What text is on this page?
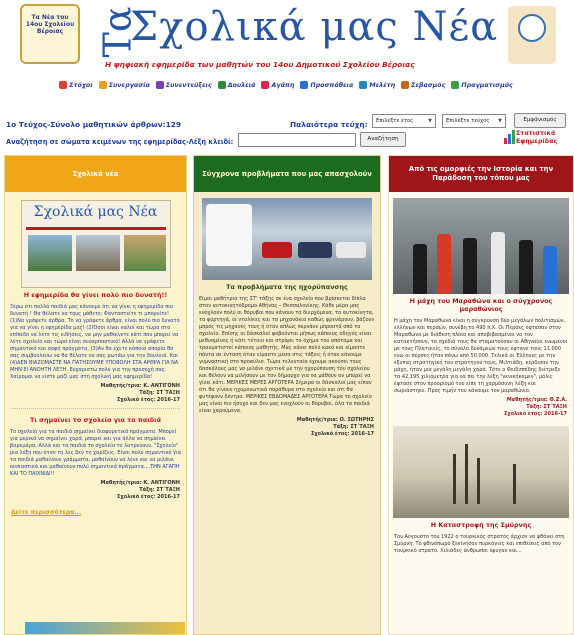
Τα Νέα του
14ου Σχολείου
Βέροιας Τα
Σχολικά μας Νέα
Η ψηφιακή εφημερίδα των μαθητών του 14ου Δημοτικού Σχολείου Βέροιας
Στόχοι	Συνεργασία	Συνεντεύξεις	Δουλειά	Αγάπη	Προσπάθεια	Μελέτη	Σεβασμός	Πραγματισμός
1ο Τεύχος-Σύνολο μαθητικών άρθρων:129	Παλαιότερα τεύχη: Επιλέξτε έτος	▼	Επιλέξτε τεύχος ▼	Εμφάνισμός
Αναζήτηση σε σώματα κειμένων της εφημερίδας-Λέξη κλειδί:	Αναζήτηση
Στατιστικά
Εφημερίδας
Σχολικά νέα
Σχολικά μας Νέα
Η εφημερίδα θα γίνει πολύ πιο δυνατή!!
Ξέρω ότι πολλά παιδιά μας κάνουμε ότι να γίνει η εφημερίδα πιο δυνατή ! Θα θέλατε να τους μάθετε; Φανταστείτε τι μπορείτε! (1)Να γράψετε άρθρα. Το να γράφετε άρθρα, είναι πολύ πιο δυνατό για να γίνει η εφημερίδα μας! (2)Όσοι είναι καλοί και τώρα στο επίπεδο να λέτε τις ειδήσεις, να μην μαθαίνετε κάτι που μπορεί να λέτε σχολείο και τώρα είναι συναρπαστικό! Αλλά να γράφετε σημαντικά και σαφή πράγματα. (3)Αν θα έχετε κάποια απορία θα σας συμβουλεύω να θα θέλατε να σας ρωτάω για την δουλειά. Και (4)ΔΕΝ ΒΙΑΖΟΜΑΣΤΕ ΝΑ ΠΑΤΗΣΟΥΜΕ ΥΠΟΒΟΛΗ ΣΤΑ ΑΡΘΡΑ ΓΙΑ ΝΑ ΜΗΝ ΕΙ ΑΝΟΗΤΗ ΛΕΞΗ. Ευχαριστώ πολύ για την προσοχή σας. Χαίρομαι να είστε μαζί μας στη σχολική μας εφημερίδα!
Μαθητής/τρια: Κ. ΑΝΤΙΓΟΝΗ
Τάξη: ΣΤ΄ΤΑΞΗ
Σχολικό έτος: 2016-17
Τι σημαίνει το σχολείο για τα παιδιά
Το σχολείο για τα παιδιά σημαίνει διαφορετικά πράγματα. Μπορεί για μερικά να σημαίνει χαρά, μπορεί και για άλλα να σημαίνει βαρεμάρα. Αλλά και τα παιδιά το σχολείο το λατρεύουν. "Σχολείο" μια λέξη που όταν τη λες δεν τη χαρίζεις. Είναι πολύ σημαντικό για τα παιδιά μαθαίνουν γράμματα, μαθαίνουν να λένε και να μιλάνε ουσιαστικά και μαθαίνουν πολύ σημαντικά πράγματα....ΤΗΝ ΑΓΑΠΗ ΚΑΙ ΤΟ ΠΑΙΧΝΙΔΙ!!
Μαθητής/τρια: Κ. ΑΝΤΙΓΟΝΗ
Τάξη: ΣΤ΄ΤΑΞΗ
Σχολικό έτος: 2016-17
Δείτε περισσότερα...
Σύγχρονα προβλήματα που μας απασχολούν
Τα προβλήματα της ηχορύπανσης
Είμαι μαθήτρια της ΣΤ' τάξης σε ένα σχολείο που βρίσκεται δίπλα στον αυτοκινητόδρομο Αθήνας – Θεσσαλονίκης. Κάθε μέρα μας ενοχλούν πολύ οι θόρυβοι που κάνουν τα διερχόμενα, τα αυτοκίνητα, τα φορτηγά, οι νταλίκες και τα μηχανάκια καθώς φρενάρουν, βάζουν μπρος τις μηχανές τους ή όταν απλώς περνάνε μπροστά από το σχολείο. Επίσης οι δάσκαλοί φοβούνται μήπως κάποιος οδηγός είναι μεθυσμένος ή κάτι τέτοιο και στρίψει το όχημα του απότομα και τραυματιστεί κάποιος μαθητής. Μας κάνει πολύ κακό και είμαστε πάντα σε ένταση όταν είμαστε μέσα στις τάξεις ή όταν κάνουμε γυμναστική στο προαύλιο. Τώρα τελευταία έχουμε ακούσει τους δασκάλους μας να μιλάνε σχετικά με την ηχορύπανση του σχολείου και θέλουν να μιλήσουν με τον δήμαρχο για να μάθουν αν μπορεί να γίνει κάτι. ΜΕΡΙΚΕΣ ΜΕΡΕΣ ΑΡΓΟΤΕΡΑ Σήμερα οι δάσκαλοί μας είπαν ότι θα γίνουν ηχομονωτικά παράθυρα στο σχολείο και ότι θα φυτέψουν δέντρα. ΜΕΡΙΚΕΣ ΕΒΔΟΜΑΔΕΣ ΑΡΓΟΤΕΡΑ Τώρα το σχολείο μας είναι πιο ήσυχο και δεν μας ενοχλούν οι θόρυβοι, όλα τα παιδιά είναι χαρούμενα.
Μαθητής/τρια: Ο. ΣΩΤΗΡΗΣ
Τάξη: ΣΤ΄ΤΑΞΗ
Σχολικό έτος: 2016-17
Από τις ομορφιές την Ιστορία και την Παράδοση του τόπου μας
Η μάχη του Μαραθώνα και ο σύγχρονος μαραθώνιος
Η μάχη του Μαραθώνα είναι η σύγκρουση δύο μεγάλων πολιτισμών, ελλήνων και περσών, συνέβη το 490 π.Χ. Οι Πέρσες έφτασαν στον Μαραθώνα με διάθεση πλοία και αποβιβασμένοι να τον κατακτήσουν, τα σχέδιά τους θα σταματούσαν οι Αθηναίοι ενωμένοι με τους Πλαταιείς, το σύνολο δυνάμεών τους έφτανε τους 11.000 ενώ οι πέρσες ήταν πάνω από 50.000. Τελικά οι Έλληνες με την έξυπνη στρατηγική του στρατηγού τους, Μιλτιάδη, κέρδισαν την μάχη, ήταν μια μεγάλη μεγάλη χαρά. Τότε ο Φειδιππίδης διέτρεξε τα 42,195 χιλιόμετρα για να πει την λέξη "νενικήκαμεν", μόλις έφτασε στον προορισμό του είπε τη χαρμόσυνη λέξη και σωριάστηκε. Προς τιμήν του κάνουμε τον μαραθώνιο.
Μαθητής/τρια: Θ.Ζ.Α.
Τάξη: ΣΤ΄ΤΑΞΗ
Σχολικό έτος: 2016-17
Η Καταστροφή της Σμύρνης
Τον Αύγουστο του 1922 ο τουρκικός στρατός άρχισε να φθάνει στη Σμύρνη. Το φθινόπωρο ξεκίνησαν πυρκαγιές και επιθέσεις από τον τουρκικό στρατό. Χιλιάδες άνθρωποι έφυγαν και...
